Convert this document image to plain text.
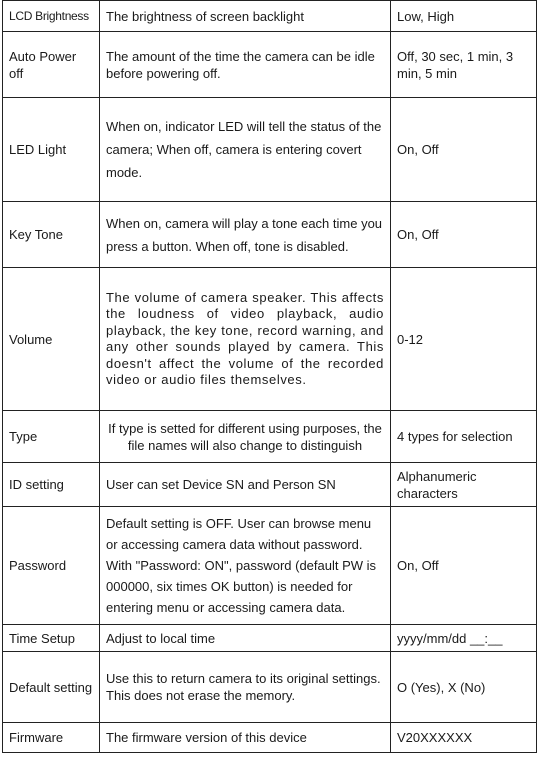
LCD Brightness	The brightness of screen backlight	Low, High
Auto Power off	The amount of the time the camera can be idle before powering off.	Off, 30 sec, 1 min, 3 min, 5 min
LED Light	When on, indicator LED will tell the status of the camera; When off, camera is entering covert mode.	On, Off
Key Tone	When on, camera will play a tone each time you press a button. When off, tone is disabled.	On, Off
Volume	The volume of camera speaker. This affects the loudness of video playback, audio playback, the key tone, record warning, and any other sounds played by camera. This doesn't affect the volume of the recorded video or audio files themselves.	0-12
Type	If type is setted for different using purposes, the file names will also change to distinguish	4 types for selection
ID setting	User can set Device SN and Person SN	Alphanumeric characters
Password	Default setting is OFF. User can browse menu or accessing camera data without password. With "Password: ON", password (default PW is 000000, six times OK button) is needed for entering menu or accessing camera data.	On, Off
Time Setup	Adjust to local time	yyyy/mm/dd __:__
Default setting	Use this to return camera to its original settings. This does not erase the memory.	O (Yes), X (No)
Firmware	The firmware version of this device	V20XXXXXX
